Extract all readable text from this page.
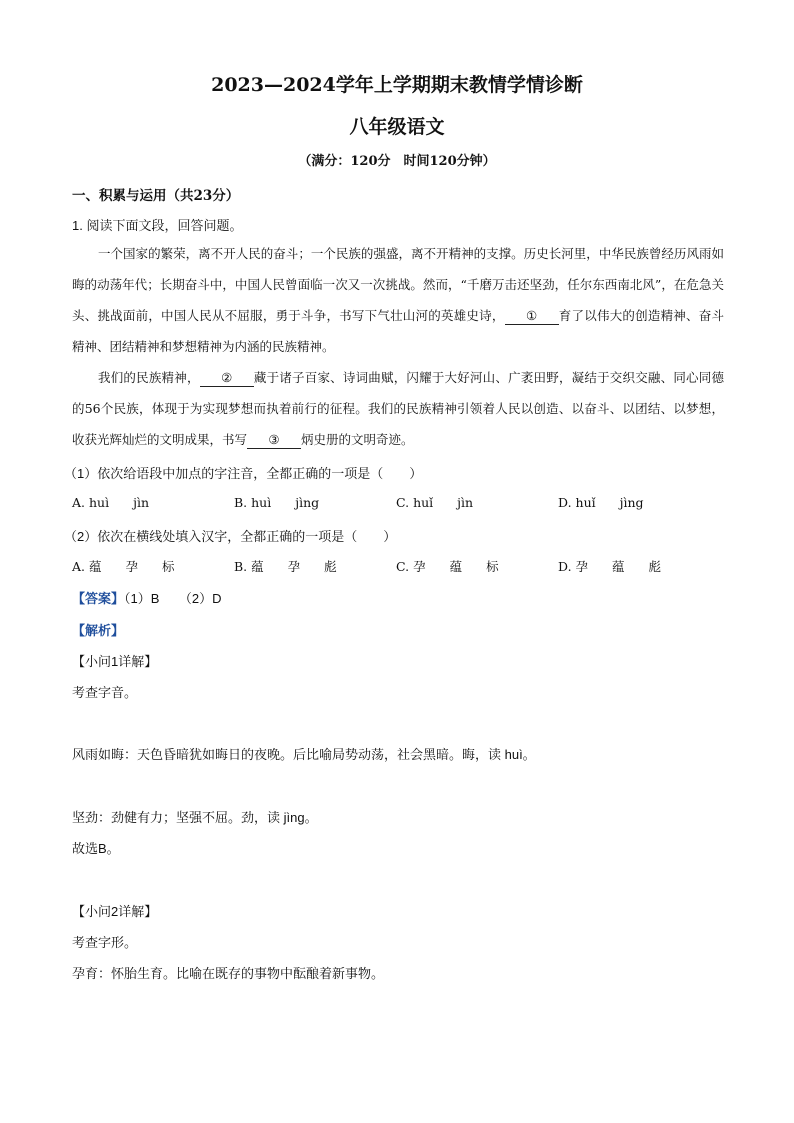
2023—2024学年上学期期末教情学情诊断
八年级语文
（满分：120分　时间120分钟）
一、积累与运用（共23分）
1. 阅读下面文段，回答问题。
一个国家的繁荣，离不开人民的奋斗；一个民族的强盛，离不开精神的支撑。历史长河里，中华民族曾经历风雨如晦的动荡年代；长期奋斗中，中国人民曾面临一次又一次挑战。然而，“千磨万击还坚劲，任尔东西南北风”，在危急关头、挑战面前，中国人民从不屈服，勇于斗争，书写下气壮山河的英雄史诗， ① 育了以伟大的创造精神、奋斗精神、团结精神和梦想精神为内涵的民族精神。
我们的民族精神， ② 藏于诸子百家、诗词曲赋，闪耀于大好河山、广袤田野，凝结于交织交融、同心同德的56个民族，体现于为实现梦想而执着前行的征程。我们的民族精神引领着人民以创造、以奋斗、以团结、以梦想，收获光辉灿烂的文明成果，书写 ③ 炳史册的文明奇迹。
（1）依次给语段中加点的字注音，全都正确的一项是（　　）
A. huì jìn	B. huì jìng	C. huǐ jìn	D. huǐ jìng
（2）依次在横线处填入汉字，全都正确的一项是（　　）
A. 蕴 孕 标	B. 蕴 孕 彪	C. 孕 蕴 标	D. 孕 蕴 彪
【答案】（1）B　　（2）D
【解析】
【小问1详解】
考查字音。
风雨如晦：天色昏暗犹如晦日的夜晚。后比喻局势动荡，社会黑暗。晦，读 huì。
坚劲：劲健有力；坚强不屈。劲，读 jìng。
故选B。
【小问2详解】
考查字形。
孕育：怀胎生育。比喻在既存的事物中酝酿着新事物。
